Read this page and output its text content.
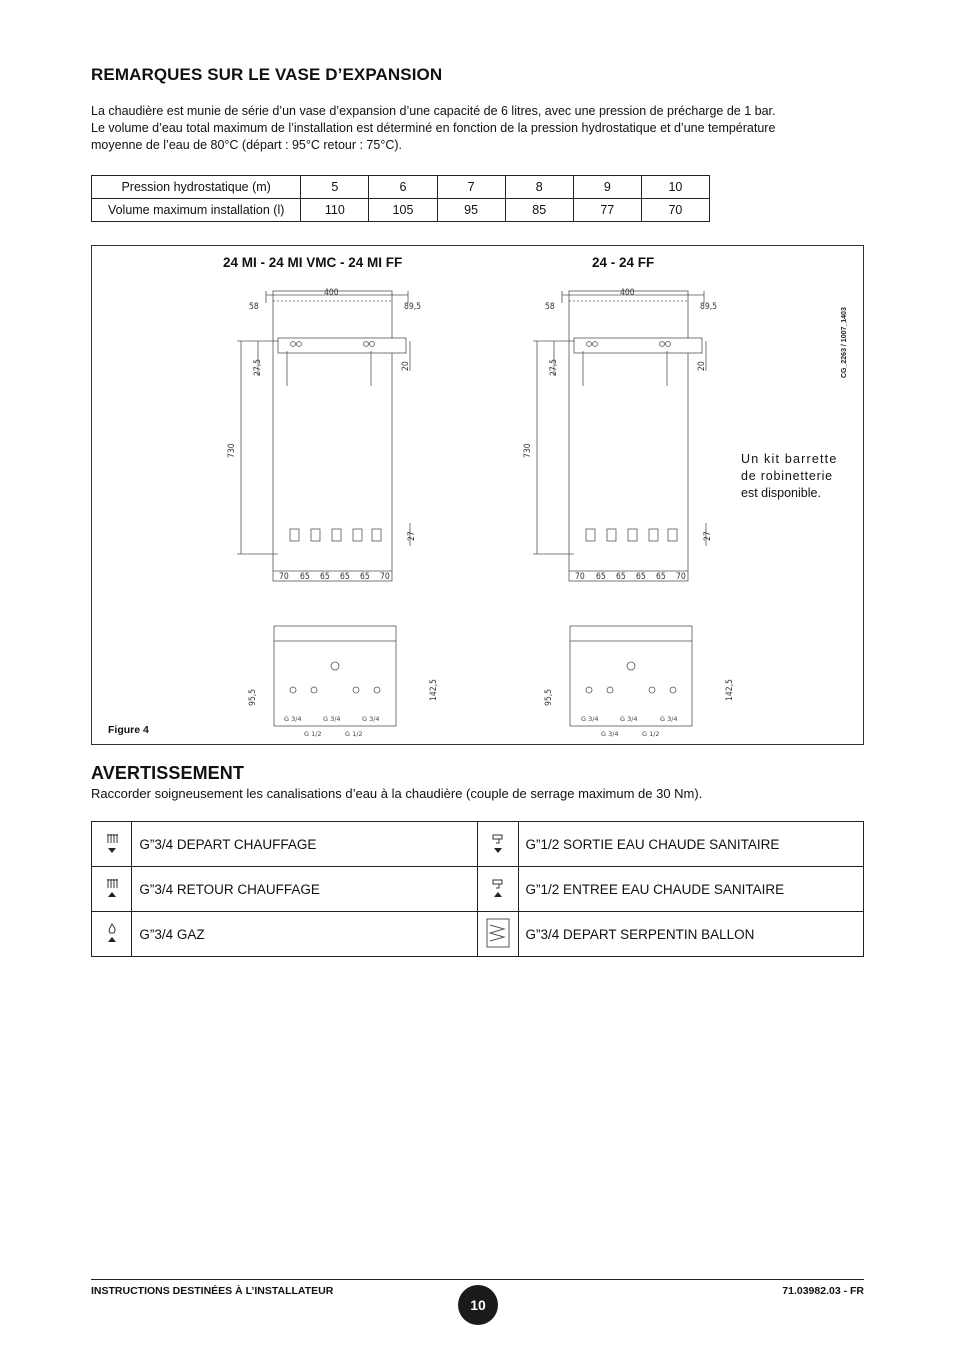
REMARQUES SUR LE VASE D’EXPANSION
La chaudière est munie de série d’un vase d’expansion d’une capacité de 6 litres, avec une pression de précharge de 1 bar.
Le volume d’eau total maximum de l’installation est déterminé en fonction de la pression hydrostatique et d’une température
moyenne de l’eau de 80°C (départ : 95°C retour : 75°C).
Pression hydrostatique (m)	5	6	7	8	9	10
Volume maximum installation (l)	110	105	95	85	77	70
24 MI - 24 MI VMC - 24 MI FF	24 - 24 FF
CG_2263 / 1007_1403
400
58	89,5
27,5	20
730
27
70 65 65 65 65 70
95,5	142,5
G 3/4	G 3/4	G 3/4
G 1/2	G 1/2
400
58	89,5
27,5	20
730
27
70 65 65 65 65 70
95,5	142,5
G 3/4	G 3/4	G 3/4
G 3/4	G 1/2
Un kit barrette
de robinetterie
est disponible.
Figure 4
AVERTISSEMENT
Raccorder soigneusement les canalisations d’eau à la chaudière (couple de serrage maximum de 30 Nm).
	G”3/4 DEPART CHAUFFAGE		G”1/2 SORTIE EAU CHAUDE SANITAIRE
	G”3/4 RETOUR CHAUFFAGE		G”1/2 ENTREE EAU CHAUDE SANITAIRE
	G”3/4 GAZ		G”3/4 DEPART SERPENTIN BALLON
INSTRUCTIONS DESTINÉES À L’INSTALLATEUR
10
71.03982.03 - FR
